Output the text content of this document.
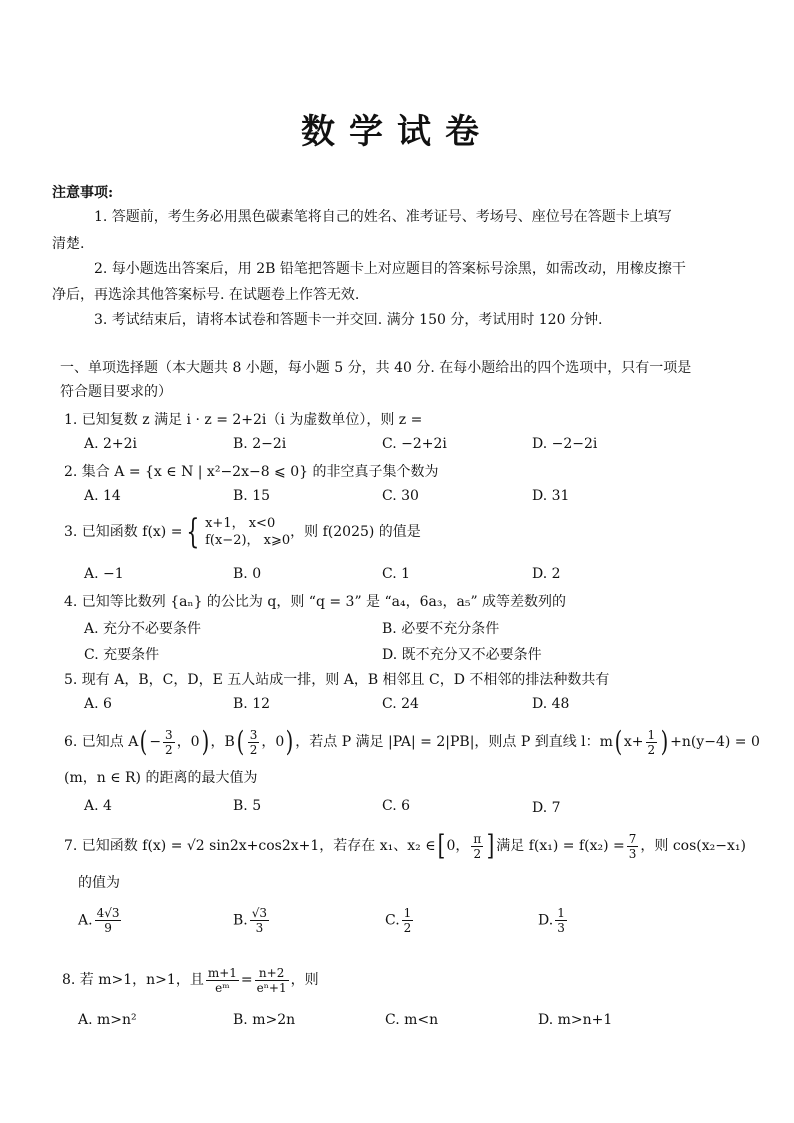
数学试卷
注意事项:
1. 答题前，考生务必用黑色碳素笔将自己的姓名、准考证号、考场号、座位号在答题卡上填写
清楚.
2. 每小题选出答案后，用 2B 铅笔把答题卡上对应题目的答案标号涂黑，如需改动，用橡皮擦干
净后，再选涂其他答案标号. 在试题卷上作答无效.
3. 考试结束后，请将本试卷和答题卡一并交回. 满分 150 分，考试用时 120 分钟.
一、单项选择题（本大题共 8 小题，每小题 5 分，共 40 分. 在每小题给出的四个选项中，只有一项是
符合题目要求的）
1. 已知复数 z 满足 i · z = 2+2i（i 为虚数单位），则 z =
A. 2+2i	B. 2−2i	C. −2+2i	D. −2−2i
2. 集合 A = {x ∈ N | x²−2x−8 ⩽ 0} 的非空真子集个数为
A. 14	B. 15	C. 30	D. 31
3. 已知函数 f(x) = { x+1， x<0
f(x−2)， x⩾0
，则 f(2025) 的值是
A. −1	B. 0	C. 1	D. 2
4. 已知等比数列 {aₙ} 的公比为 q，则 “q = 3” 是 “a₄，6a₃，a₅” 成等差数列的
A. 充分不必要条件	B. 必要不充分条件
C. 充要条件	D. 既不充分又不必要条件
5. 现有 A，B，C，D，E 五人站成一排，则 A，B 相邻且 C，D 不相邻的排法种数共有
A. 6	B. 12	C. 24	D. 48
6. 已知点 $A( - \frac{3}{2}$ ，0) ，$B( \frac{3}{2}$ ，0) ，若点 P 满足 |PA| = 2|PB|，则点 P 到直线 l：m( $x+ \frac{1}{2}$ ) +n(y−4) = 0
(m，n ∈ R) 的距离的最大值为
A. 4	B. 5	C. 6	D. 7
7. 已知函数 f(x) = √2 sin2x+cos2x+1，若存在 x₁、x₂ ∈[ 0， $\frac{\pi}{2}$ ] 满足 $f(x_1) = f(x_2) = \frac{7}{3}$ ，则 cos(x₂−x₁)
的值为
A. $\frac{4√3}{9}$	B. $\frac{√3}{3}$	C. $\frac{1}{2}$	D. $\frac{1}{3}$
8. 若 m>1，n>1，且 $\frac{m+1}{\text{eᵐ}} = \frac{n+2}{\text{eⁿ+1}}$ ，则
A. m>n²	B. m>2n	C. m<n	D. m>n+1
